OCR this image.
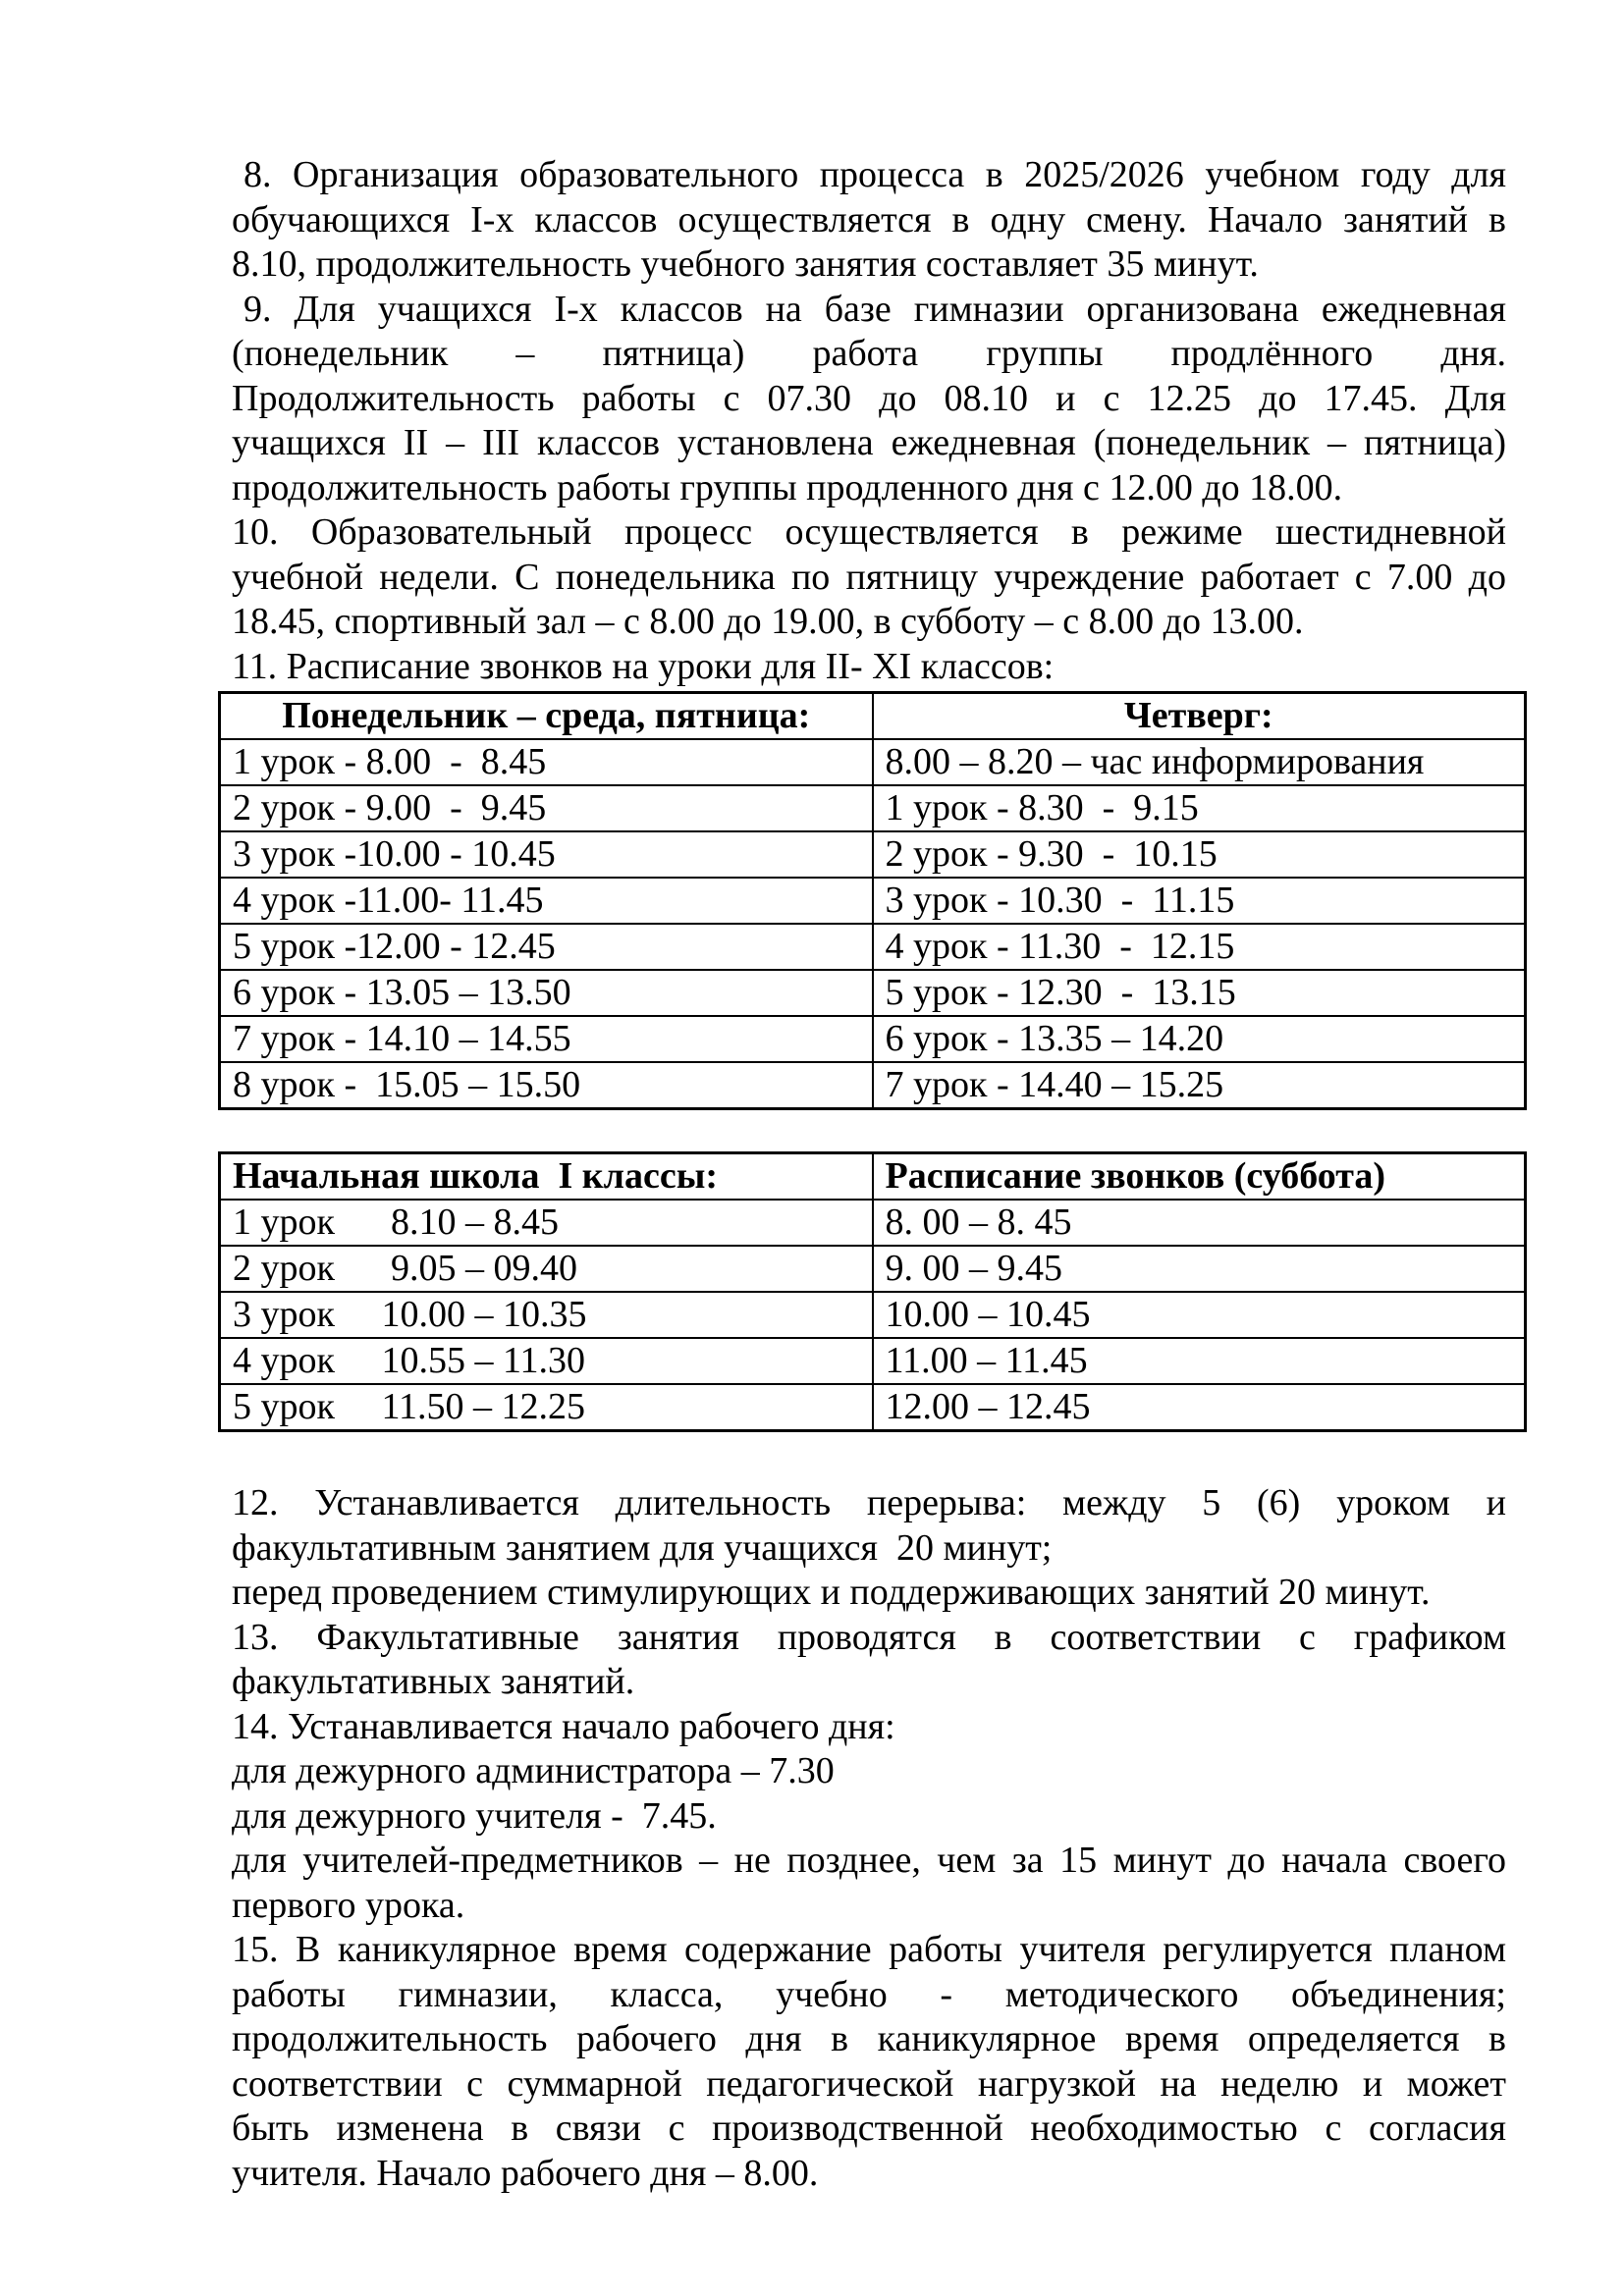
8. Организация образовательного процесса в 2025/2026 учебном году для
обучающихся I-х классов осуществляется в одну смену. Начало занятий в
8.10, продолжительность учебного занятия составляет 35 минут.
9. Для учащихся I-х классов на базе гимназии организована ежедневная
(понедельник – пятница) работа группы продлённого дня.
Продолжительность работы с 07.30 до 08.10 и с 12.25 до 17.45. Для
учащихся II – III классов установлена ежедневная (понедельник – пятница)
продолжительность работы группы продленного дня с 12.00 до 18.00.
10. Образовательный процесс осуществляется в режиме шестидневной
учебной недели. С понедельника по пятницу учреждение работает с 7.00 до
18.45, спортивный зал – с 8.00 до 19.00, в субботу – с 8.00 до 13.00.
11. Расписание звонков на уроки для II- XI классов:
Понедельник – среда, пятница:	Четверг:
1 урок - 8.00  -  8.45	8.00 – 8.20 – час информирования
2 урок - 9.00  -  9.45	1 урок - 8.30  -  9.15
3 урок -10.00 - 10.45	2 урок - 9.30  -  10.15
4 урок -11.00- 11.45	3 урок - 10.30  -  11.15
5 урок -12.00 - 12.45	4 урок - 11.30  -  12.15
6 урок - 13.05 – 13.50	5 урок - 12.30  -  13.15
7 урок - 14.10 – 14.55	6 урок - 13.35 – 14.20
8 урок -  15.05 – 15.50	7 урок - 14.40 – 15.25
Начальная школа  I классы:	Расписание звонков (суббота)
1 урок      8.10 – 8.45	8. 00 – 8. 45
2 урок      9.05 – 09.40	9. 00 – 9.45
3 урок     10.00 – 10.35	10.00 – 10.45
4 урок     10.55 – 11.30	11.00 – 11.45
5 урок     11.50 – 12.25	12.00 – 12.45
12. Устанавливается длительность перерыва: между 5 (6) уроком и
факультативным занятием для учащихся  20 минут;
перед проведением стимулирующих и поддерживающих занятий 20 минут.
13. Факультативные занятия проводятся в соответствии с графиком
факультативных занятий.
14. Устанавливается начало рабочего дня:
для дежурного администратора – 7.30
для дежурного учителя -  7.45.
для учителей-предметников – не позднее, чем за 15 минут до начала своего
первого урока.
15. В каникулярное время содержание работы учителя регулируется планом
работы гимназии, класса, учебно - методического объединения;
продолжительность рабочего дня в каникулярное время определяется в
соответствии с суммарной педагогической нагрузкой на неделю и может
быть изменена в связи с производственной необходимостью с согласия
учителя. Начало рабочего дня – 8.00.
